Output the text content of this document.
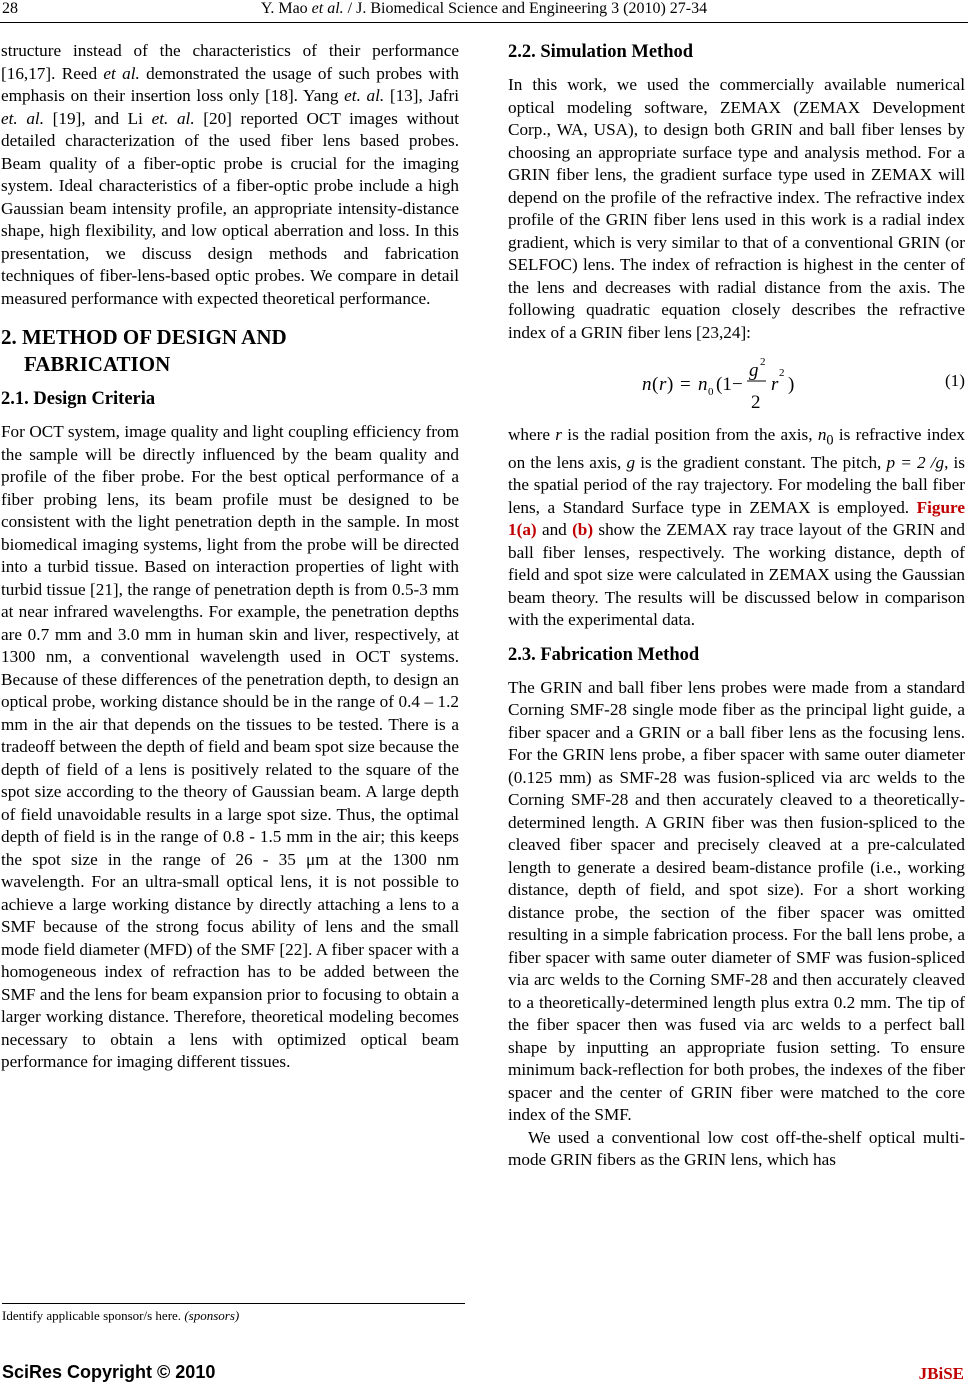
28	Y. Mao et al. / J. Biomedical Science and Engineering 3 (2010) 27-34

structure instead of the characteristics of their performance [16,17]. Reed et al. demonstrated the usage of such probes with emphasis on their insertion loss only [18]. Yang et. al. [13], Jafri et. al. [19], and Li et. al. [20] reported OCT images without detailed characterization of the used fiber lens based probes. Beam quality of a fiber-optic probe is crucial for the imaging system. Ideal characteristics of a fiber-optic probe include a high Gaussian beam intensity profile, an appropriate intensity-distance shape, high flexibility, and low optical aberration and loss. In this presentation, we discuss design methods and fabrication techniques of fiber-lens-based optic probes. We compare in detail measured performance with expected theoretical performance.

2. METHOD OF DESIGN AND
FABRICATION
2.1. Design Criteria

For OCT system, image quality and light coupling efficiency from the sample will be directly influenced by the beam quality and profile of the fiber probe. For the best optical performance of a fiber probing lens, its beam profile must be designed to be consistent with the light penetration depth in the sample. In most biomedical imaging systems, light from the probe will be directed into a turbid tissue. Based on interaction properties of light with turbid tissue [21], the range of penetration depth is from 0.5-3 mm at near infrared wavelengths. For example, the penetration depths are 0.7 mm and 3.0 mm in human skin and liver, respectively, at 1300 nm, a conventional wavelength used in OCT systems. Because of these differences of the penetration depth, to design an optical probe, working distance should be in the range of 0.4 – 1.2 mm in the air that depends on the tissues to be tested. There is a tradeoff between the depth of field and beam spot size because the depth of field of a lens is positively related to the square of the spot size according to the theory of Gaussian beam. A large depth of field unavoidable results in a large spot size. Thus, the optimal depth of field is in the range of 0.8 - 1.5 mm in the air; this keeps the spot size in the range of 26 - 35 μm at the 1300 nm wavelength. For an ultra-small optical lens, it is not possible to achieve a large working distance by directly attaching a lens to a SMF because of the strong focus ability of lens and the small mode field diameter (MFD) of the SMF [22]. A fiber spacer with a homogeneous index of refraction has to be added between the SMF and the lens for beam expansion prior to focusing to obtain a larger working distance. Therefore, theoretical modeling becomes necessary to obtain a lens with optimized optical beam performance for imaging different tissues.

2.2. Simulation Method

In this work, we used the commercially available numerical optical modeling software, ZEMAX (ZEMAX Development Corp., WA, USA), to design both GRIN and ball fiber lenses by choosing an appropriate surface type and analysis method. For a GRIN fiber lens, the gradient surface type used in ZEMAX will depend on the profile of the refractive index. The refractive index profile of the GRIN fiber lens used in this work is a radial index gradient, which is very similar to that of a conventional GRIN (or SELFOC) lens. The index of refraction is highest in the center of the lens and decreases with radial distance from the axis. The following quadratic equation closely describes the refractive index of a GRIN fiber lens [23,24]:

n ( r ) = n 0 (1 −
g 2
2
r
2
)	(1)

where r is the radial position from the axis, $n_0$ is refractive index on the lens axis, g is the gradient constant. The pitch, p = 2 /g, is the spatial period of the ray trajectory. For modeling the ball fiber lens, a Standard Surface type in ZEMAX is employed. Figure 1(a) and (b) show the ZEMAX ray trace layout of the GRIN and ball fiber lenses, respectively. The working distance, depth of field and spot size were calculated in ZEMAX using the Gaussian beam theory. The results will be discussed below in comparison with the experimental data.

2.3. Fabrication Method

The GRIN and ball fiber lens probes were made from a standard Corning SMF-28 single mode fiber as the principal light guide, a fiber spacer and a GRIN or a ball fiber lens as the focusing lens. For the GRIN lens probe, a fiber spacer with same outer diameter (0.125 mm) as SMF-28 was fusion-spliced via arc welds to the Corning SMF-28 and then accurately cleaved to a theoretically-determined length. A GRIN fiber was then fusion-spliced to the cleaved fiber spacer and precisely cleaved at a pre-calculated length to generate a desired beam-distance profile (i.e., working distance, depth of field, and spot size). For a short working distance probe, the section of the fiber spacer was omitted resulting in a simple fabrication process. For the ball lens probe, a fiber spacer with same outer diameter of SMF was fusion-spliced via arc welds to the Corning SMF-28 and then accurately cleaved to a theoretically-determined length plus extra 0.2 mm. The tip of the fiber spacer then was fused via arc welds to a perfect ball shape by inputting an appropriate fusion setting. To ensure minimum back-reflection for both probes, the indexes of the fiber spacer and the center of GRIN fiber were matched to the core index of the SMF.

We used a conventional low cost off-the-shelf optical multi-mode GRIN fibers as the GRIN lens, which has

Identify applicable sponsor/s here. (sponsors)
SciRes Copyright © 2010	JBiSE
